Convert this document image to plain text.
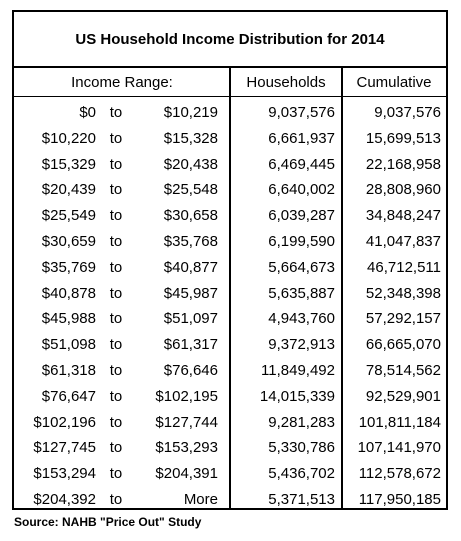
US Household Income Distribution for 2014
Income Range:	Households	Cumulative
$0 to	$10,219	9,037,576	9,037,576
$10,220 to	$15,328	6,661,937	15,699,513
$15,329 to	$20,438	6,469,445	22,168,958
$20,439 to	$25,548	6,640,002	28,808,960
$25,549 to	$30,658	6,039,287	34,848,247
$30,659 to	$35,768	6,199,590	41,047,837
$35,769 to	$40,877	5,664,673	46,712,511
$40,878 to	$45,987	5,635,887	52,348,398
$45,988 to	$51,097	4,943,760	57,292,157
$51,098 to	$61,317	9,372,913	66,665,070
$61,318 to	$76,646	11,849,492	78,514,562
$76,647 to	$102,195	14,015,339	92,529,901
$102,196 to	$127,744	9,281,283	101,811,184
$127,745 to	$153,293	5,330,786	107,141,970
$153,294 to	$204,391	5,436,702	112,578,672
$204,392 to	More	5,371,513	117,950,185
Source: NAHB "Price Out" Study
